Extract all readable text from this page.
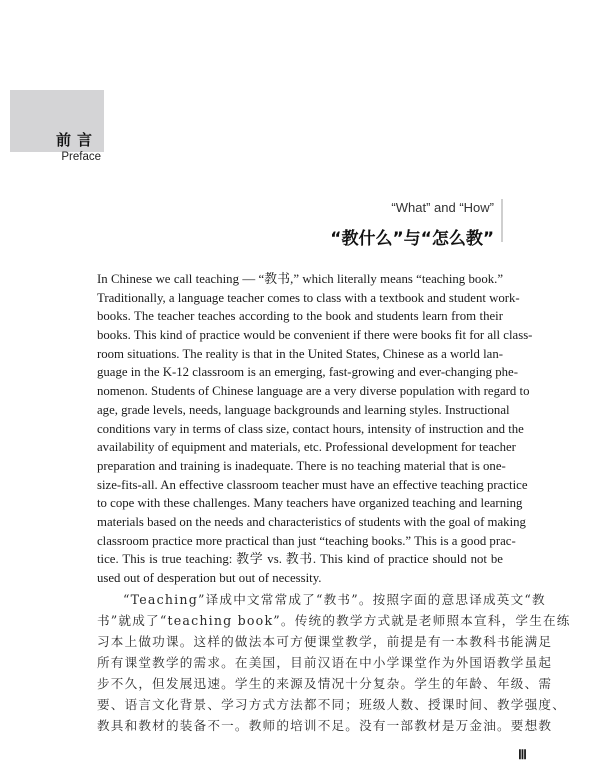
前言
Preface
“What” and “How”
“教什么”与“怎么教”
In Chinese we call teaching — “教书,” which literally means “teaching book.”
Traditionally, a language teacher comes to class with a textbook and student work-
books. The teacher teaches according to the book and students learn from their
books. This kind of practice would be convenient if there were books fit for all class-
room situations. The reality is that in the United States, Chinese as a world lan-
guage in the K-12 classroom is an emerging, fast-growing and ever-changing phe-
nomenon. Students of Chinese language are a very diverse population with regard to
age, grade levels, needs, language backgrounds and learning styles. Instructional
conditions vary in terms of class size, contact hours, intensity of instruction and the
availability of equipment and materials, etc. Professional development for teacher
preparation and training is inadequate. There is no teaching material that is one-
size-fits-all. An effective classroom teacher must have an effective teaching practice
to cope with these challenges. Many teachers have organized teaching and learning
materials based on the needs and characteristics of students with the goal of making
classroom practice more practical than just “teaching books.” This is a good prac-
tice. This is true teaching: 教学 vs. 教书. This kind of practice should not be
used out of desperation but out of necessity.
“Teaching”译成中文常常成了“教书”。按照字面的意思译成英文“教
书”就成了“teaching book”。传统的教学方式就是老师照本宣科，学生在练
习本上做功课。这样的做法本可方便课堂教学，前提是有一本教科书能满足
所有课堂教学的需求。在美国，目前汉语在中小学课堂作为外国语教学虽起
步不久，但发展迅速。学生的来源及情况十分复杂。学生的年龄、年级、需
要、语言文化背景、学习方式方法都不同；班级人数、授课时间、教学强度、
教具和教材的装备不一。教师的培训不足。没有一部教材是万金油。要想教
Ⅲ
